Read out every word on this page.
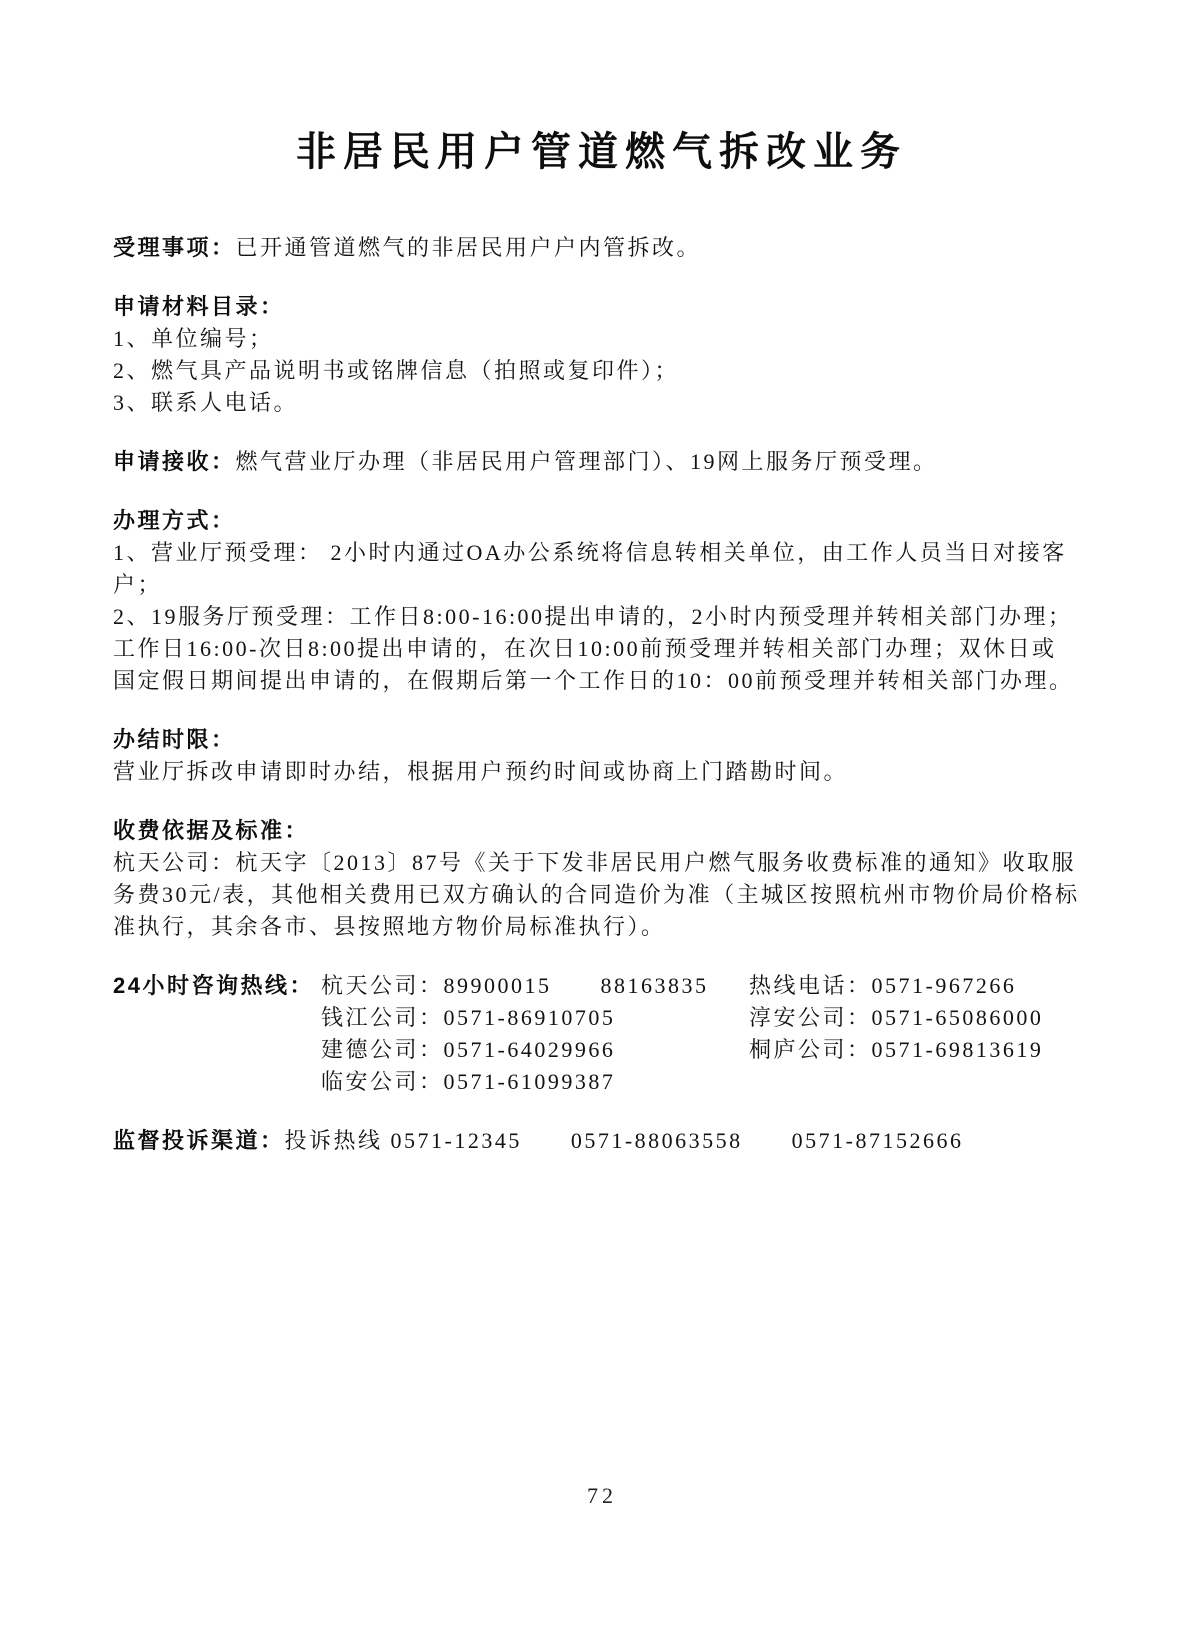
非居民用户管道燃气拆改业务
受理事项：已开通管道燃气的非居民用户户内管拆改。
申请材料目录：
1、单位编号；
2、燃气具产品说明书或铭牌信息（拍照或复印件）；
3、联系人电话。
申请接收：燃气营业厅办理（非居民用户管理部门）、19网上服务厅预受理。
办理方式：
1、营业厅预受理： 2小时内通过OA办公系统将信息转相关单位，由工作人员当日对接客户；
2、19服务厅预受理：工作日8:00-16:00提出申请的，2小时内预受理并转相关部门办理；
工作日16:00-次日8:00提出申请的，在次日10:00前预受理并转相关部门办理；双休日或
国定假日期间提出申请的，在假期后第一个工作日的10：00前预受理并转相关部门办理。
办结时限：
营业厅拆改申请即时办结，根据用户预约时间或协商上门踏勘时间。
收费依据及标准：
杭天公司：杭天字〔2013〕87号《关于下发非居民用户燃气服务收费标准的通知》收取服
务费30元/表，其他相关费用已双方确认的合同造价为准（主城区按照杭州市物价局价格标
准执行，其余各市、县按照地方物价局标准执行）。
24小时咨询热线： 杭天公司：89900015　　88163835 热线电话：0571-967266
钱江公司：0571-86910705	淳安公司：0571-65086000
建德公司：0571-64029966	桐庐公司：0571-69813619
临安公司：0571-61099387
监督投诉渠道：投诉热线 0571-12345　　0571-88063558　　0571-87152666
72
